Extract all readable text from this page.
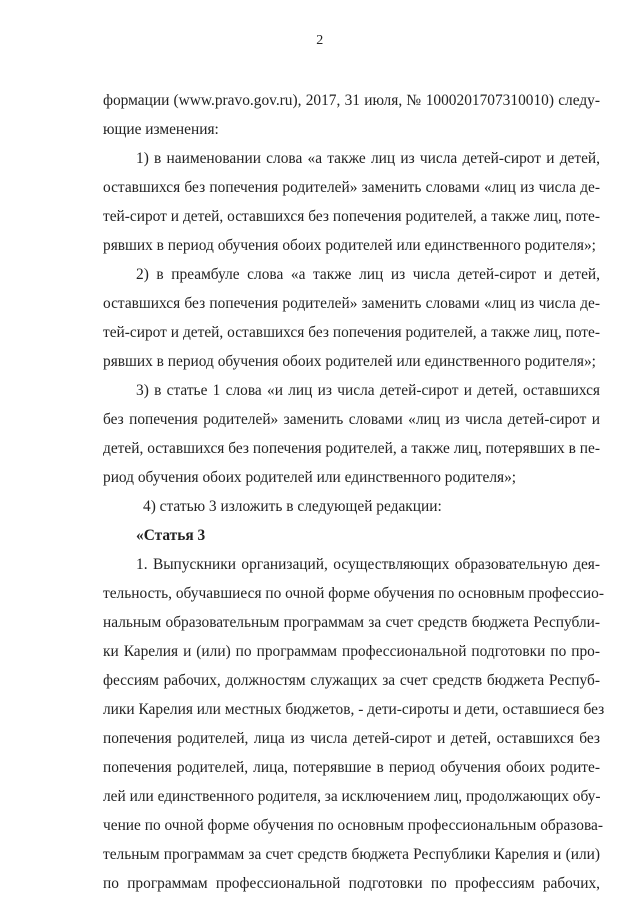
2
формации (www.pravo.gov.ru), 2017, 31 июля, № 1000201707310010) следу-
ющие изменения:
1) в наименовании слова «а также лиц из числа детей-сирот и детей,
оставшихся без попечения родителей» заменить словами «лиц из числа де-
тей-сирот и детей, оставшихся без попечения родителей, а также лиц, поте-
рявших в период обучения обоих родителей или единственного родителя»;
2) в преамбуле слова «а также лиц из числа детей-сирот и детей,
оставшихся без попечения родителей» заменить словами «лиц из числа де-
тей-сирот и детей, оставшихся без попечения родителей, а также лиц, поте-
рявших в период обучения обоих родителей или единственного родителя»;
3) в статье 1 слова «и лиц из числа детей-сирот и детей, оставшихся
без попечения родителей» заменить словами «лиц из числа детей-сирот и
детей, оставшихся без попечения родителей, а также лиц, потерявших в пе-
риод обучения обоих родителей или единственного родителя»;
4) статью 3 изложить в следующей редакции:
«Статья 3
1. Выпускники организаций, осуществляющих образовательную дея-
тельность, обучавшиеся по очной форме обучения по основным профессио-
нальным образовательным программам за счет средств бюджета Республи-
ки Карелия и (или) по программам профессиональной подготовки по про-
фессиям рабочих, должностям служащих за счет средств бюджета Респуб-
лики Карелия или местных бюджетов, - дети-сироты и дети, оставшиеся без
попечения родителей, лица из числа детей-сирот и детей, оставшихся без
попечения родителей, лица, потерявшие в период обучения обоих родите-
лей или единственного родителя, за исключением лиц, продолжающих обу-
чение по очной форме обучения по основным профессиональным образова-
тельным программам за счет средств бюджета Республики Карелия и (или)
по программам профессиональной подготовки по профессиям рабочих,
